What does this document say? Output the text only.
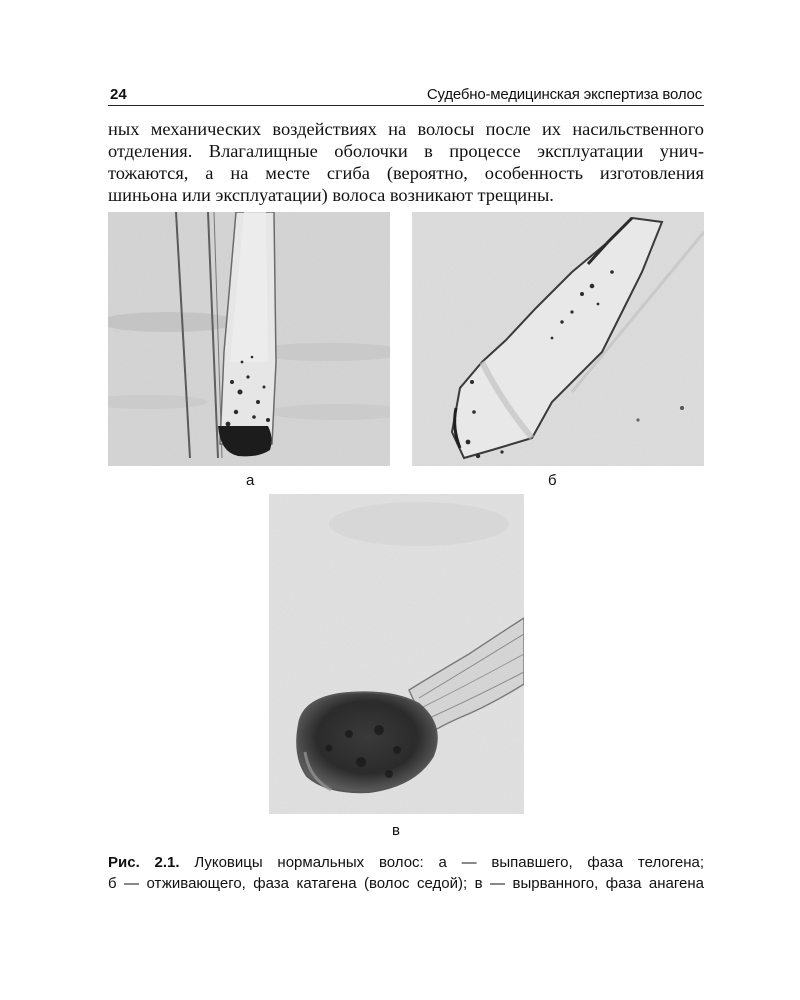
24	Судебно-медицинская экспертиза волос

ных механических воздействиях на волосы после их насильственного
отделения. Влагалищные оболочки в процессе эксплуатации унич-
тожаются, а на месте сгиба (вероятно, особенность изготовления
шиньона или эксплуатации) волоса возникают трещины.

а	б
в
Рис. 2.1. Луковицы нормальных волос: а — выпавшего, фаза телогена;
б — отживающего, фаза катагена (волос седой); в — вырванного, фаза анагена
